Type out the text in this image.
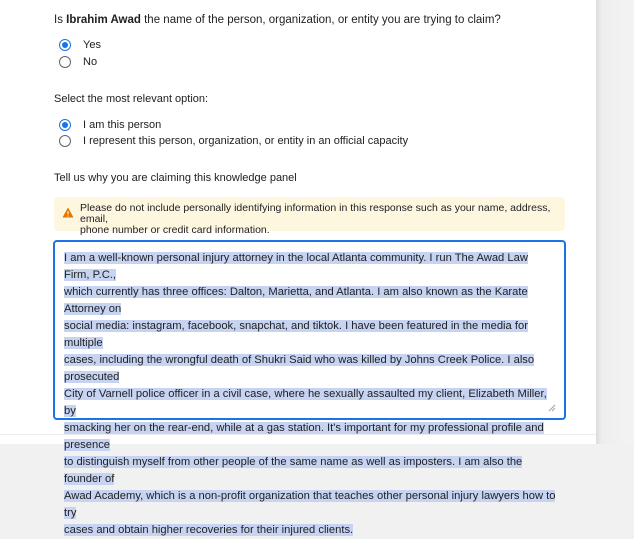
Is Ibrahim Awad the name of the person, organization, or entity you are trying to claim?
Yes
No
Select the most relevant option:
I am this person
I represent this person, organization, or entity in an official capacity
Tell us why you are claiming this knowledge panel
Please do not include personally identifying information in this response such as your name, address, email,
phone number or credit card information.
I am a well-known personal injury attorney in the local Atlanta community. I run The Awad Law Firm, P.C.,
which currently has three offices: Dalton, Marietta, and Atlanta. I am also known as the Karate Attorney on
social media: instagram, facebook, snapchat, and tiktok. I have been featured in the media for multiple
cases, including the wrongful death of Shukri Said who was killed by Johns Creek Police. I also prosecuted
City of Varnell police officer in a civil case, where he sexually assaulted my client, Elizabeth Miller, by
smacking her on the rear-end, while at a gas station. It's important for my professional profile and presence
to distinguish myself from other people of the same name as well as imposters. I am also the founder of
Awad Academy, which is a non-profit organization that teaches other personal injury lawyers how to try
cases and obtain higher recoveries for their injured clients.
